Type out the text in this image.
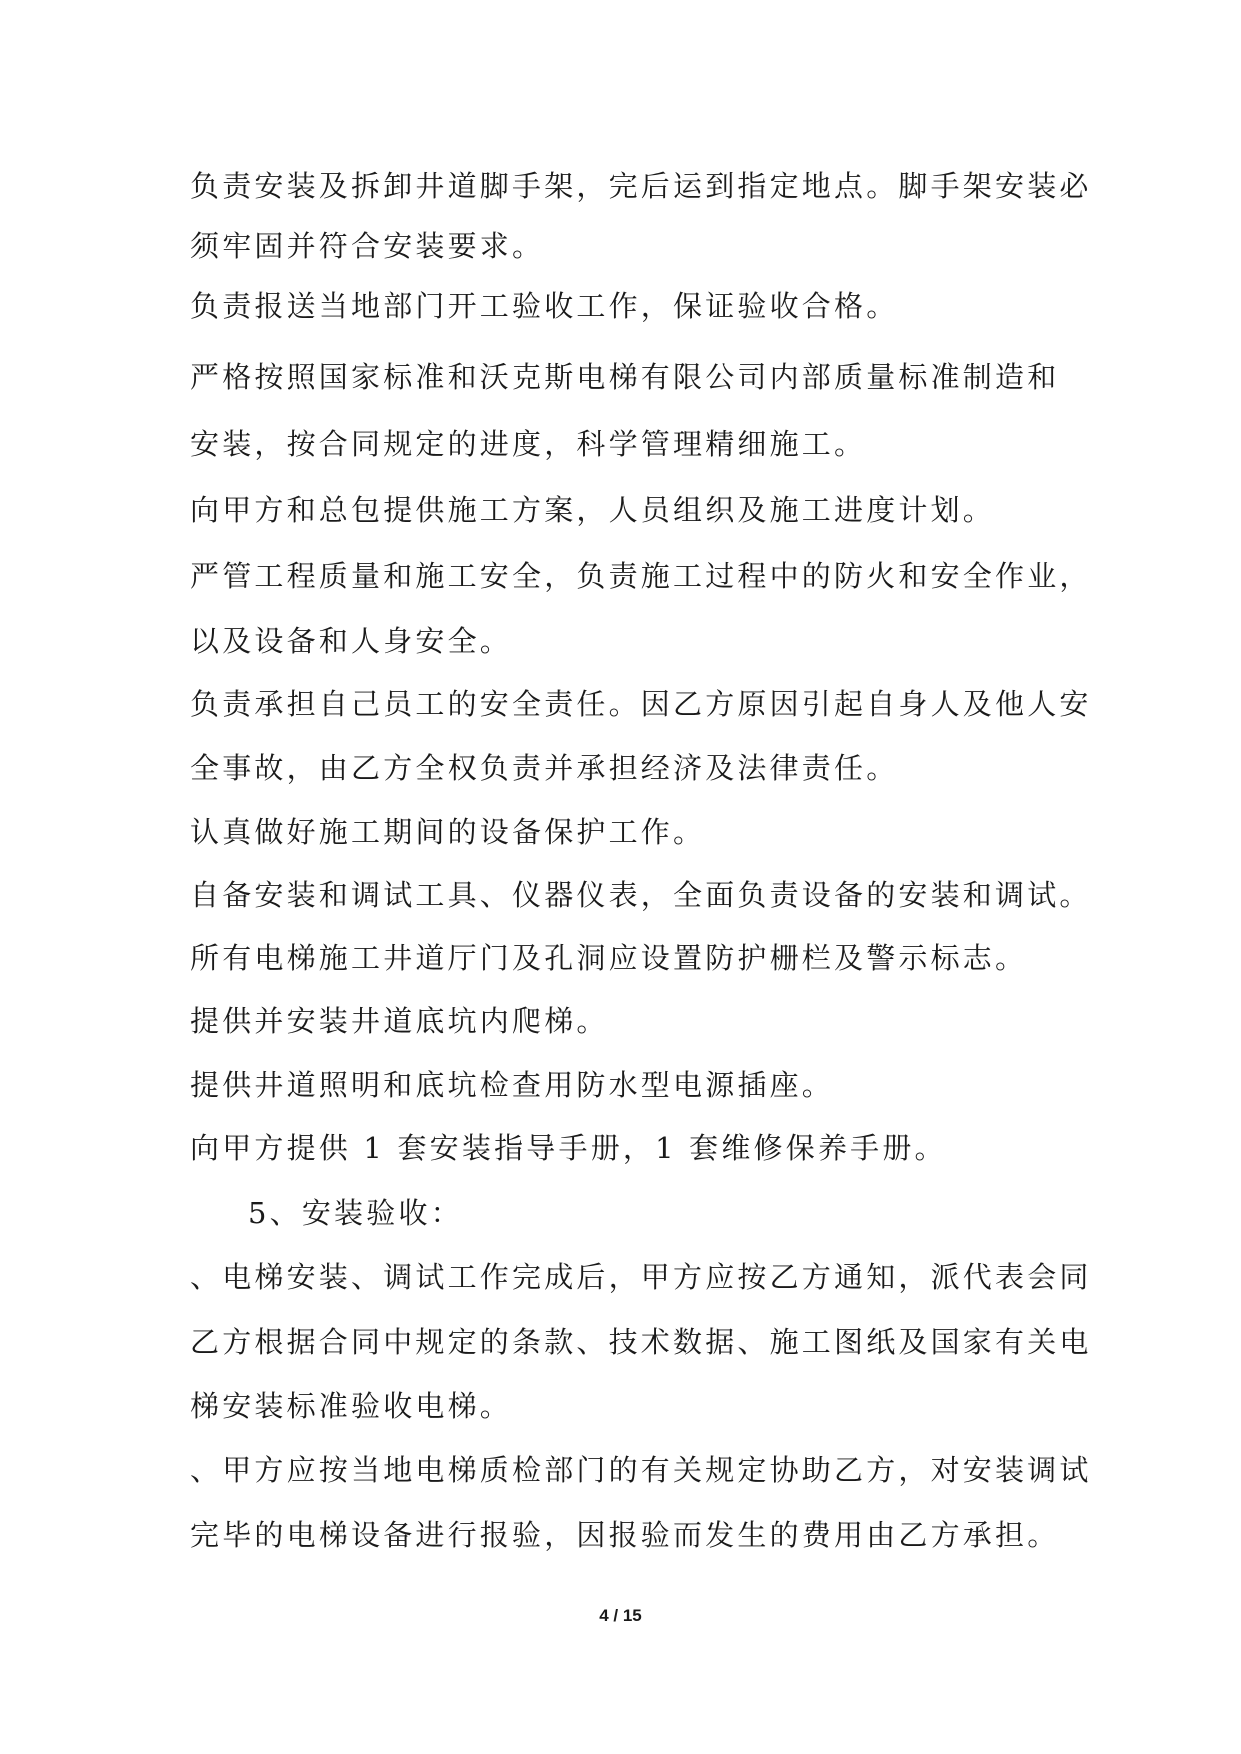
负责安装及拆卸井道脚手架，完后运到指定地点。脚手架安装必
须牢固并符合安装要求。
负责报送当地部门开工验收工作，保证验收合格。
严格按照国家标准和沃克斯电梯有限公司内部质量标准制造和
安装，按合同规定的进度，科学管理精细施工。
向甲方和总包提供施工方案，人员组织及施工进度计划。
严管工程质量和施工安全，负责施工过程中的防火和安全作业，
以及设备和人身安全。
负责承担自己员工的安全责任。因乙方原因引起自身人及他人安
全事故，由乙方全权负责并承担经济及法律责任。
认真做好施工期间的设备保护工作。
自备安装和调试工具、仪器仪表，全面负责设备的安装和调试。
所有电梯施工井道厅门及孔洞应设置防护栅栏及警示标志。
提供并安装井道底坑内爬梯。
提供井道照明和底坑检查用防水型电源插座。
向甲方提供 1 套安装指导手册，1 套维修保养手册。
5、安装验收：
、电梯安装、调试工作完成后，甲方应按乙方通知，派代表会同
乙方根据合同中规定的条款、技术数据、施工图纸及国家有关电
梯安装标准验收电梯。
、甲方应按当地电梯质检部门的有关规定协助乙方，对安装调试
完毕的电梯设备进行报验，因报验而发生的费用由乙方承担。
4 / 15
